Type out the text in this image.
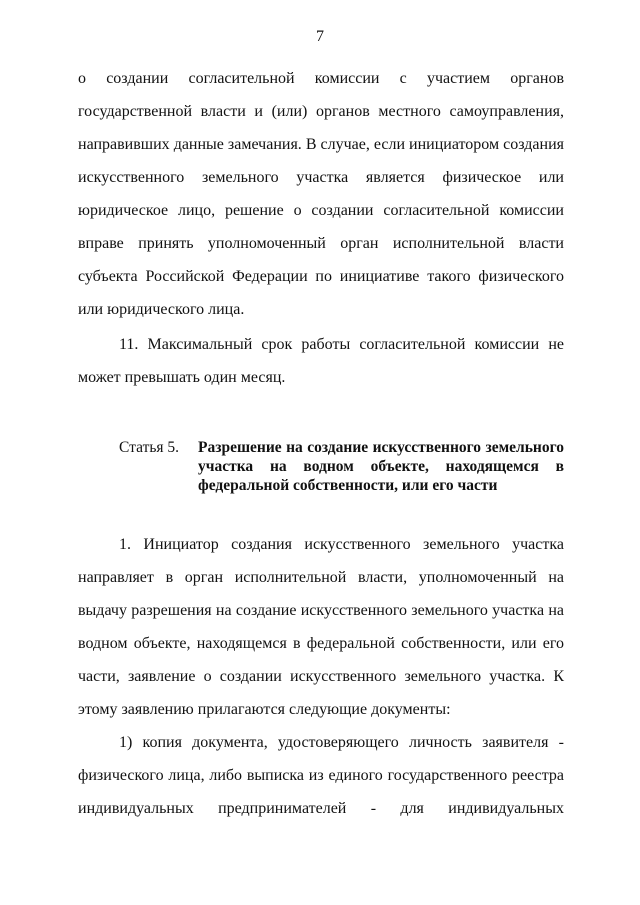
7

о создании согласительной комиссии с участием органов государственной власти и (или) органов местного самоуправления, направивших данные замечания. В случае, если инициатором создания искусственного земельного участка является физическое или юридическое лицо, решение о создании согласительной комиссии вправе принять уполномоченный орган исполнительной власти субъекта Российской Федерации по инициативе такого физического или юридического лица.

11. Максимальный срок работы согласительной комиссии не может превышать один месяц.

Статья 5.	Разрешение на создание искусственного земельного участка на водном объекте, находящемся в федеральной собственности, или его части

1. Инициатор создания искусственного земельного участка направляет в орган исполнительной власти, уполномоченный на выдачу разрешения на создание искусственного земельного участка на водном объекте, находящемся в федеральной собственности, или его части, заявление о создании искусственного земельного участка. К этому заявлению прилагаются следующие документы:

1) копия документа, удостоверяющего личность заявителя - физического лица, либо выписка из единого государственного реестра индивидуальных предпринимателей - для индивидуальных
